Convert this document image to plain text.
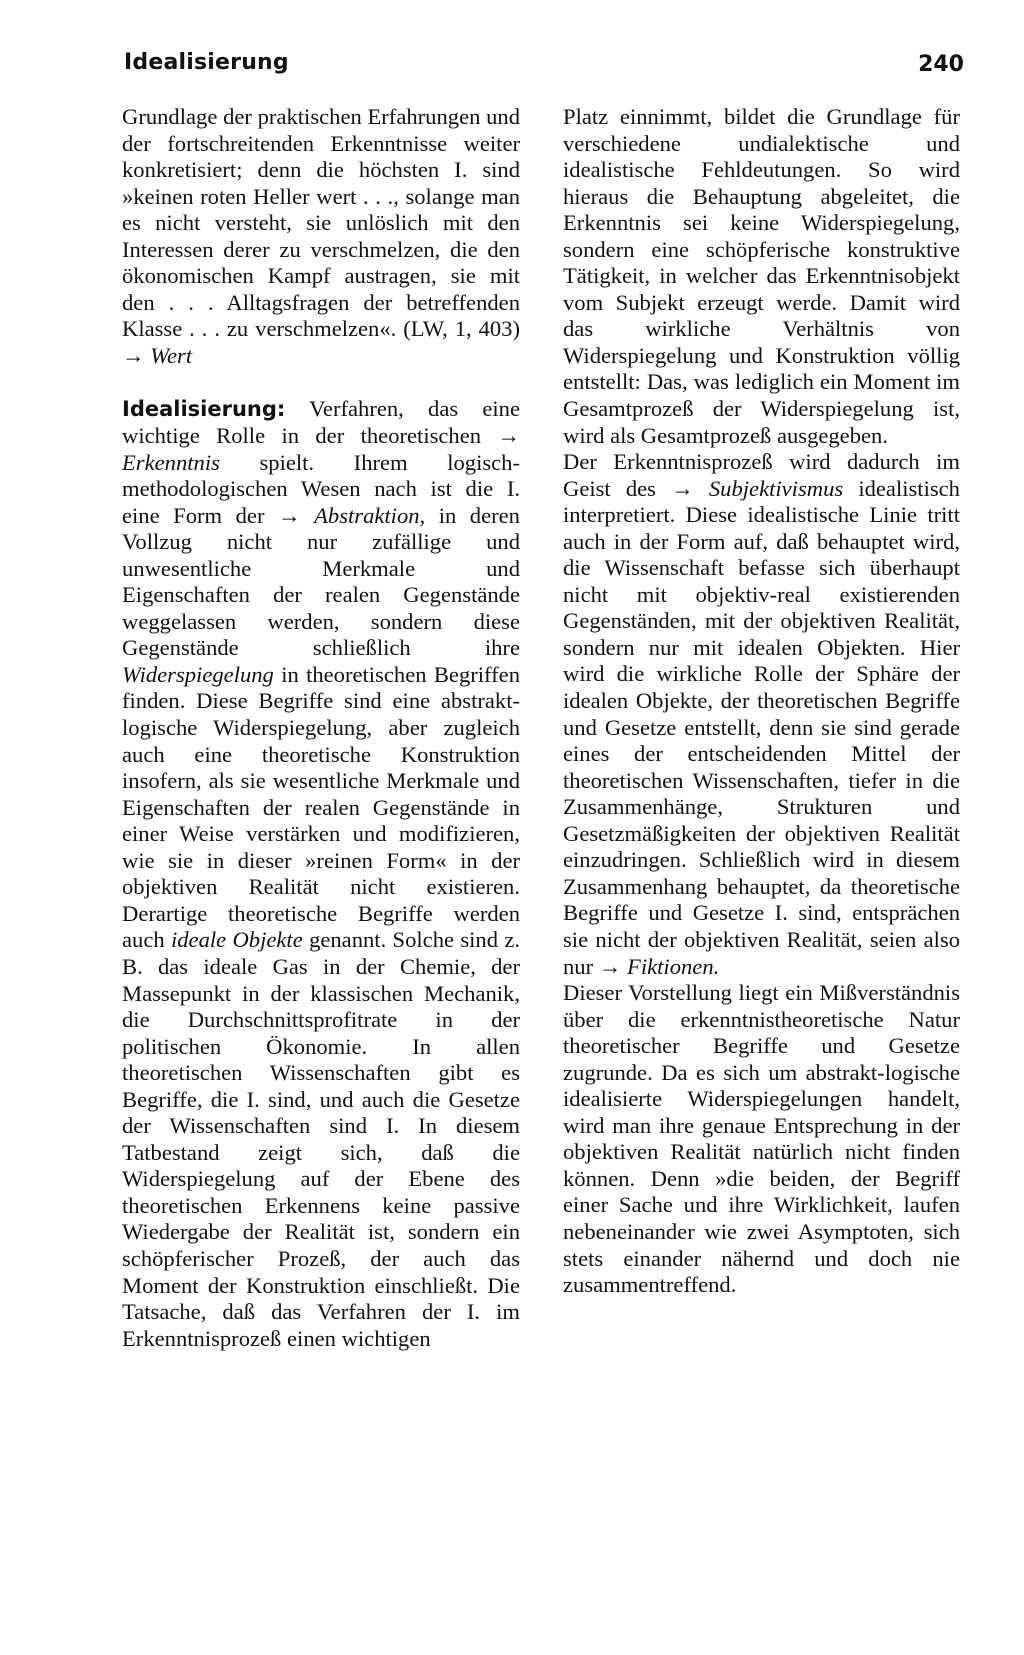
Idealisierung	240

Grundlage der praktischen Erfahrungen und der fortschreitenden Erkenntnisse weiter konkretisiert; denn die höchsten I. sind »keinen roten Heller wert . . ., solange man es nicht versteht, sie unlöslich mit den Interessen derer zu verschmelzen, die den ökonomischen Kampf austragen, sie mit den . . . Alltagsfragen der betreffenden Klasse . . . zu verschmelzen«. (LW, 1, 403) → Wert

Idealisierung: Verfahren, das eine wichtige Rolle in der theoretischen → Erkenntnis spielt. Ihrem logisch-methodologischen Wesen nach ist die I. eine Form der → Abstraktion, in deren Vollzug nicht nur zufällige und unwesentliche Merkmale und Eigenschaften der realen Gegenstände weggelassen werden, sondern diese Gegenstände schließlich ihre Widerspiegelung in theoretischen Begriffen finden. Diese Begriffe sind eine abstrakt-logische Widerspiegelung, aber zugleich auch eine theoretische Konstruktion insofern, als sie wesentliche Merkmale und Eigenschaften der realen Gegenstände in einer Weise verstärken und modifizieren, wie sie in dieser »reinen Form« in der objektiven Realität nicht existieren. Derartige theoretische Begriffe werden auch ideale Objekte genannt. Solche sind z. B. das ideale Gas in der Chemie, der Massepunkt in der klassischen Mechanik, die Durchschnittsprofitrate in der politischen Ökonomie. In allen theoretischen Wissenschaften gibt es Begriffe, die I. sind, und auch die Gesetze der Wissenschaften sind I. In diesem Tatbestand zeigt sich, daß die Widerspiegelung auf der Ebene des theoretischen Erkennens keine passive Wiedergabe der Realität ist, sondern ein schöpferischer Prozeß, der auch das Moment der Konstruktion einschließt. Die Tatsache, daß das Verfahren der I. im Erkenntnisprozeß einen wichtigen

Platz einnimmt, bildet die Grundlage für verschiedene undialektische und idealistische Fehldeutungen. So wird hieraus die Behauptung abgeleitet, die Erkenntnis sei keine Widerspiegelung, sondern eine schöpferische konstruktive Tätigkeit, in welcher das Erkenntnisobjekt vom Subjekt erzeugt werde. Damit wird das wirkliche Verhältnis von Widerspiegelung und Konstruktion völlig entstellt: Das, was lediglich ein Moment im Gesamtprozeß der Widerspiegelung ist, wird als Gesamtprozeß ausgegeben.

Der Erkenntnisprozeß wird dadurch im Geist des → Subjektivismus idealistisch interpretiert. Diese idealistische Linie tritt auch in der Form auf, daß behauptet wird, die Wissenschaft befasse sich überhaupt nicht mit objektiv-real existierenden Gegenständen, mit der objektiven Realität, sondern nur mit idealen Objekten. Hier wird die wirkliche Rolle der Sphäre der idealen Objekte, der theoretischen Begriffe und Gesetze entstellt, denn sie sind gerade eines der entscheidenden Mittel der theoretischen Wissenschaften, tiefer in die Zusammenhänge, Strukturen und Gesetzmäßigkeiten der objektiven Realität einzudringen. Schließlich wird in diesem Zusammenhang behauptet, da theoretische Begriffe und Gesetze I. sind, entsprächen sie nicht der objektiven Realität, seien also nur → Fiktionen.

Dieser Vorstellung liegt ein Mißverständnis über die erkenntnistheoretische Natur theoretischer Begriffe und Gesetze zugrunde. Da es sich um abstrakt-logische idealisierte Widerspiegelungen handelt, wird man ihre genaue Entsprechung in der objektiven Realität natürlich nicht finden können. Denn »die beiden, der Begriff einer Sache und ihre Wirklichkeit, laufen nebeneinander wie zwei Asymptoten, sich stets einander nähernd und doch nie zusammentreffend.
